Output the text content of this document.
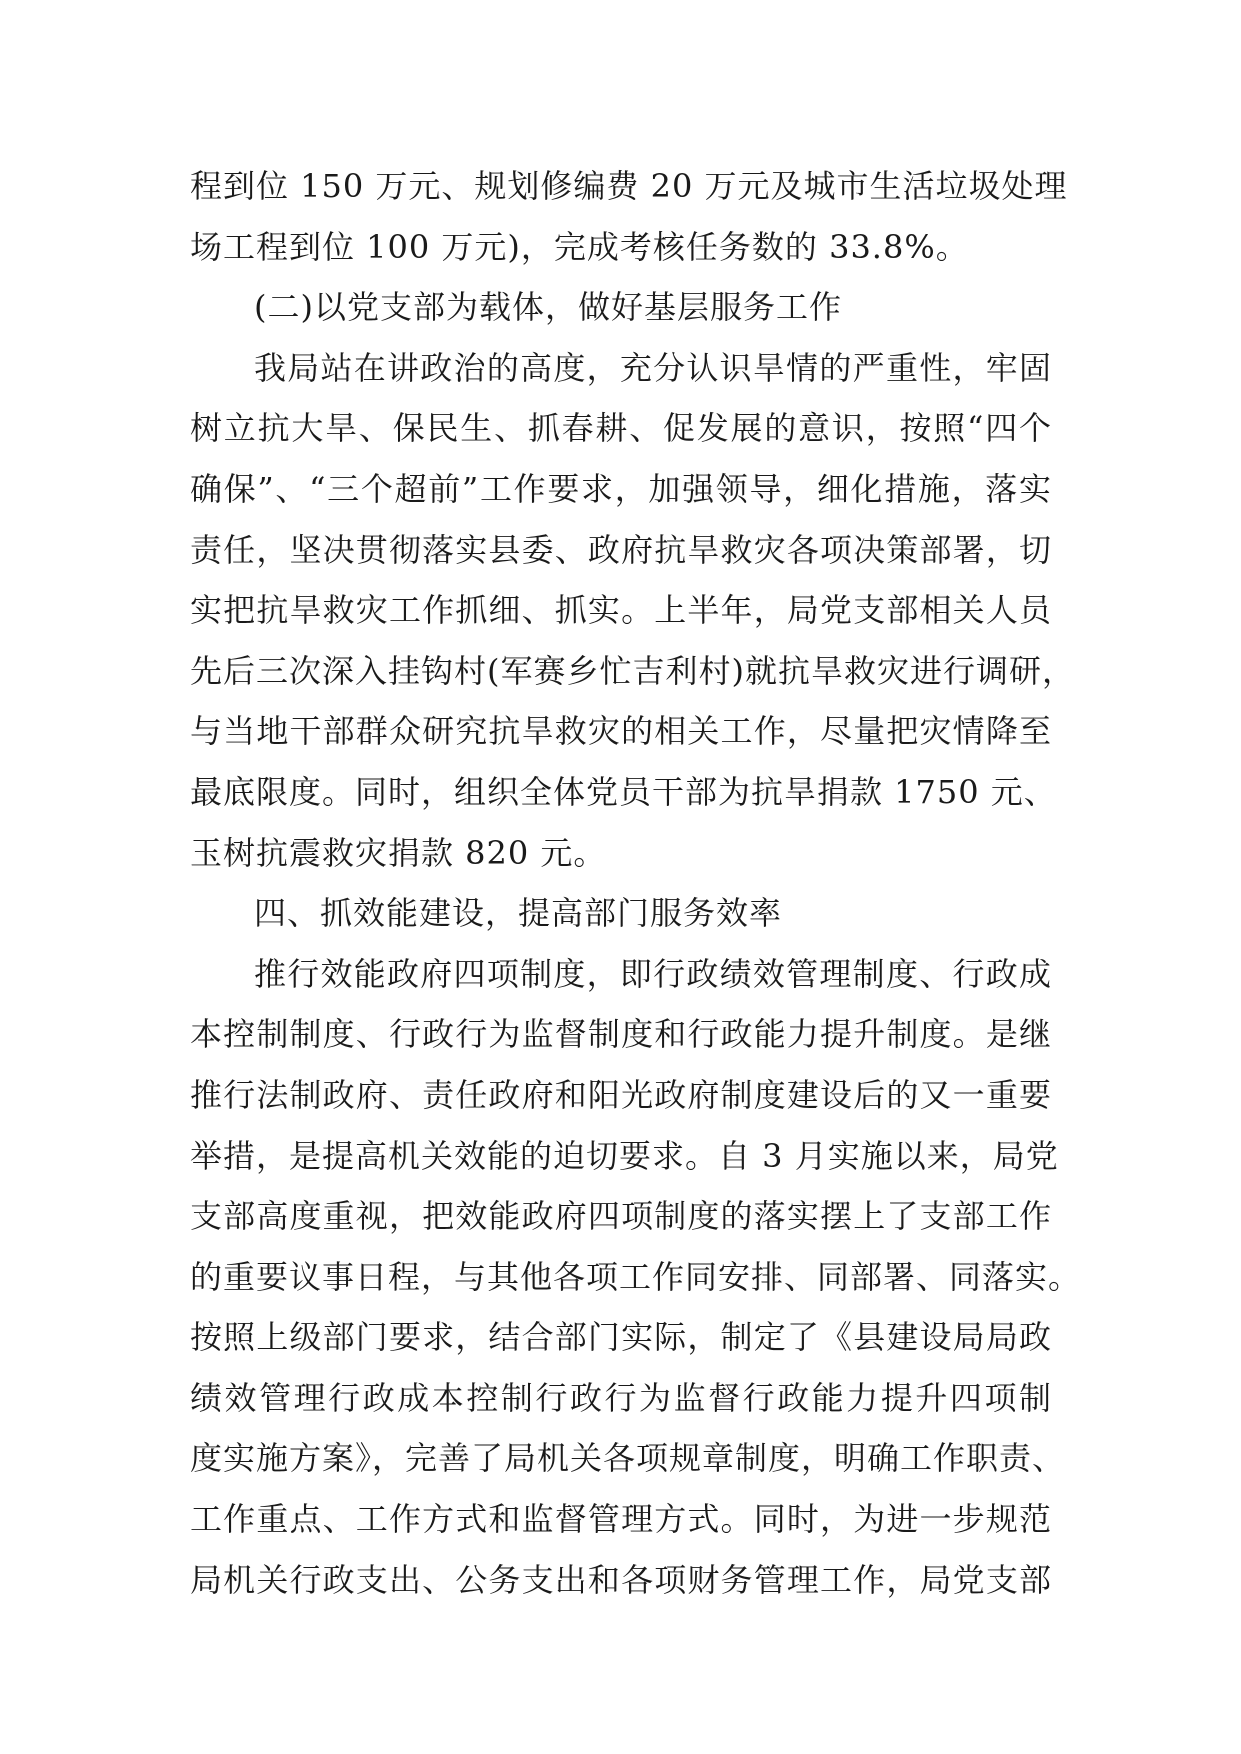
程到位 150 万元、规划修编费 20 万元及城市生活垃圾处理
场工程到位 100 万元)，完成考核任务数的 33.8%。
(二)以党支部为载体，做好基层服务工作
我局站在讲政治的高度，充分认识旱情的严重性，牢固
树立抗大旱、保民生、抓春耕、促发展的意识，按照“四个
确保”、“三个超前”工作要求，加强领导，细化措施，落实
责任，坚决贯彻落实县委、政府抗旱救灾各项决策部署，切
实把抗旱救灾工作抓细、抓实。上半年，局党支部相关人员
先后三次深入挂钩村(军赛乡忙吉利村)就抗旱救灾进行调研，
与当地干部群众研究抗旱救灾的相关工作，尽量把灾情降至
最底限度。同时，组织全体党员干部为抗旱捐款 1750 元、
玉树抗震救灾捐款 820 元。
四、抓效能建设，提高部门服务效率
推行效能政府四项制度，即行政绩效管理制度、行政成
本控制制度、行政行为监督制度和行政能力提升制度。是继
推行法制政府、责任政府和阳光政府制度建设后的又一重要
举措，是提高机关效能的迫切要求。自 3 月实施以来，局党
支部高度重视，把效能政府四项制度的落实摆上了支部工作
的重要议事日程，与其他各项工作同安排、同部署、同落实。
按照上级部门要求，结合部门实际，制定了《县建设局局政
绩效管理行政成本控制行政行为监督行政能力提升四项制
度实施方案》，完善了局机关各项规章制度，明确工作职责、
工作重点、工作方式和监督管理方式。同时，为进一步规范
局机关行政支出、公务支出和各项财务管理工作，局党支部
